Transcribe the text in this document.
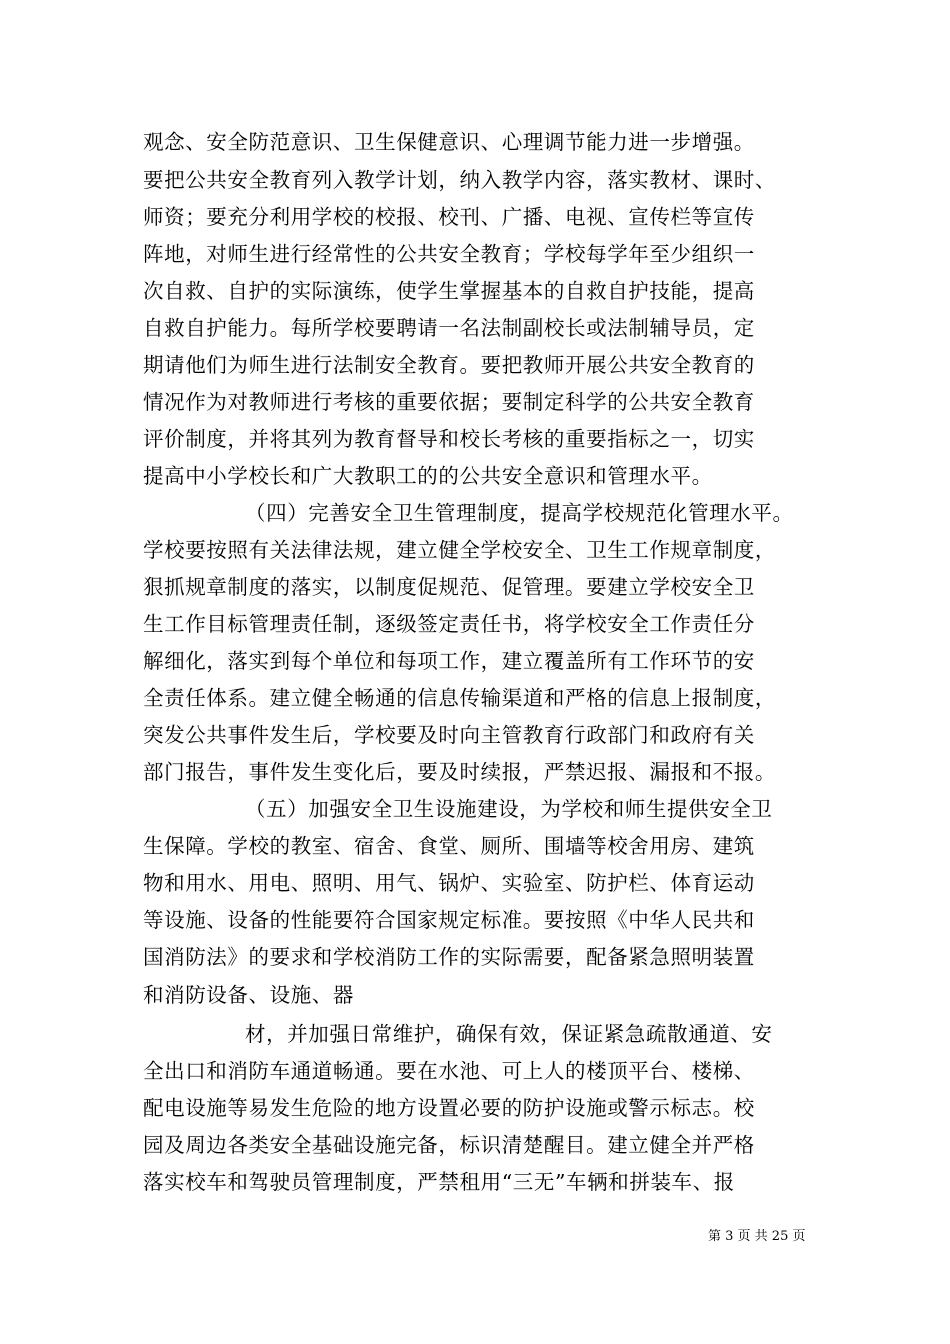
观念、安全防范意识、卫生保健意识、心理调节能力进一步增强。
要把公共安全教育列入教学计划，纳入教学内容，落实教材、课时、
师资；要充分利用学校的校报、校刊、广播、电视、宣传栏等宣传
阵地，对师生进行经常性的公共安全教育；学校每学年至少组织一
次自救、自护的实际演练，使学生掌握基本的自救自护技能，提高
自救自护能力。每所学校要聘请一名法制副校长或法制辅导员，定
期请他们为师生进行法制安全教育。要把教师开展公共安全教育的
情况作为对教师进行考核的重要依据；要制定科学的公共安全教育
评价制度，并将其列为教育督导和校长考核的重要指标之一，切实
提高中小学校长和广大教职工的的公共安全意识和管理水平。
（四）完善安全卫生管理制度，提高学校规范化管理水平。
学校要按照有关法律法规，建立健全学校安全、卫生工作规章制度，
狠抓规章制度的落实，以制度促规范、促管理。要建立学校安全卫
生工作目标管理责任制，逐级签定责任书，将学校安全工作责任分
解细化，落实到每个单位和每项工作，建立覆盖所有工作环节的安
全责任体系。建立健全畅通的信息传输渠道和严格的信息上报制度，
突发公共事件发生后，学校要及时向主管教育行政部门和政府有关
部门报告，事件发生变化后，要及时续报，严禁迟报、漏报和不报。
（五）加强安全卫生设施建设，为学校和师生提供安全卫
生保障。学校的教室、宿舍、食堂、厕所、围墙等校舍用房、建筑
物和用水、用电、照明、用气、锅炉、实验室、防护栏、体育运动
等设施、设备的性能要符合国家规定标准。要按照《中华人民共和
国消防法》的要求和学校消防工作的实际需要，配备紧急照明装置
和消防设备、设施、器
材，并加强日常维护，确保有效，保证紧急疏散通道、安
全出口和消防车通道畅通。要在水池、可上人的楼顶平台、楼梯、
配电设施等易发生危险的地方设置必要的防护设施或警示标志。校
园及周边各类安全基础设施完备，标识清楚醒目。建立健全并严格
落实校车和驾驶员管理制度，严禁租用“三无”车辆和拼装车、报
第 3 页 共 25 页
